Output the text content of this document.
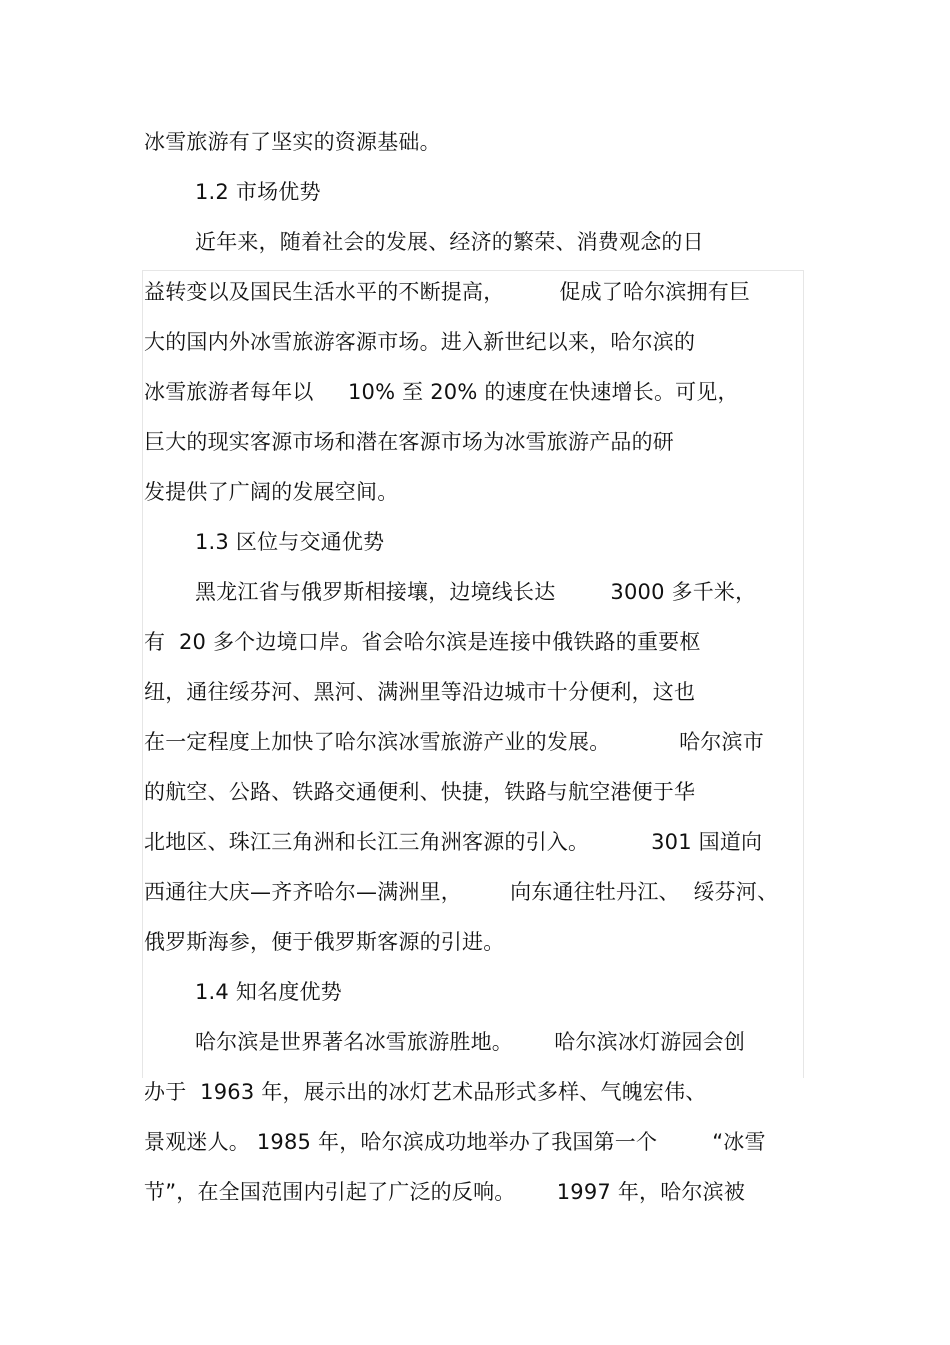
冰雪旅游有了坚实的资源基础。
1.2 市场优势
近年来，随着社会的发展、经济的繁荣、消费观念的日
益转变以及国民生活水平的不断提高，        促成了哈尔滨拥有巨
大的国内外冰雪旅游客源市场。进入新世纪以来，哈尔滨的
冰雪旅游者每年以     10% 至 20% 的速度在快速增长。可见，
巨大的现实客源市场和潜在客源市场为冰雪旅游产品的研
发提供了广阔的发展空间。
1.3 区位与交通优势
黑龙江省与俄罗斯相接壤，边境线长达        3000 多千米，
有  20 多个边境口岸。省会哈尔滨是连接中俄铁路的重要枢
纽，通往绥芬河、黑河、满洲里等沿边城市十分便利，这也
在一定程度上加快了哈尔滨冰雪旅游产业的发展。          哈尔滨市
的航空、公路、铁路交通便利、快捷，铁路与航空港便于华
北地区、珠江三角洲和长江三角洲客源的引入。         301 国道向
西通往大庆—齐齐哈尔—满洲里，       向东通往牡丹江、  绥芬河、
俄罗斯海参，便于俄罗斯客源的引进。
1.4 知名度优势
哈尔滨是世界著名冰雪旅游胜地。      哈尔滨冰灯游园会创
办于  1963 年，展示出的冰灯艺术品形式多样、气魄宏伟、
景观迷人。 1985 年，哈尔滨成功地举办了我国第一个        “冰雪
节”，在全国范围内引起了广泛的反响。      1997 年，哈尔滨被
